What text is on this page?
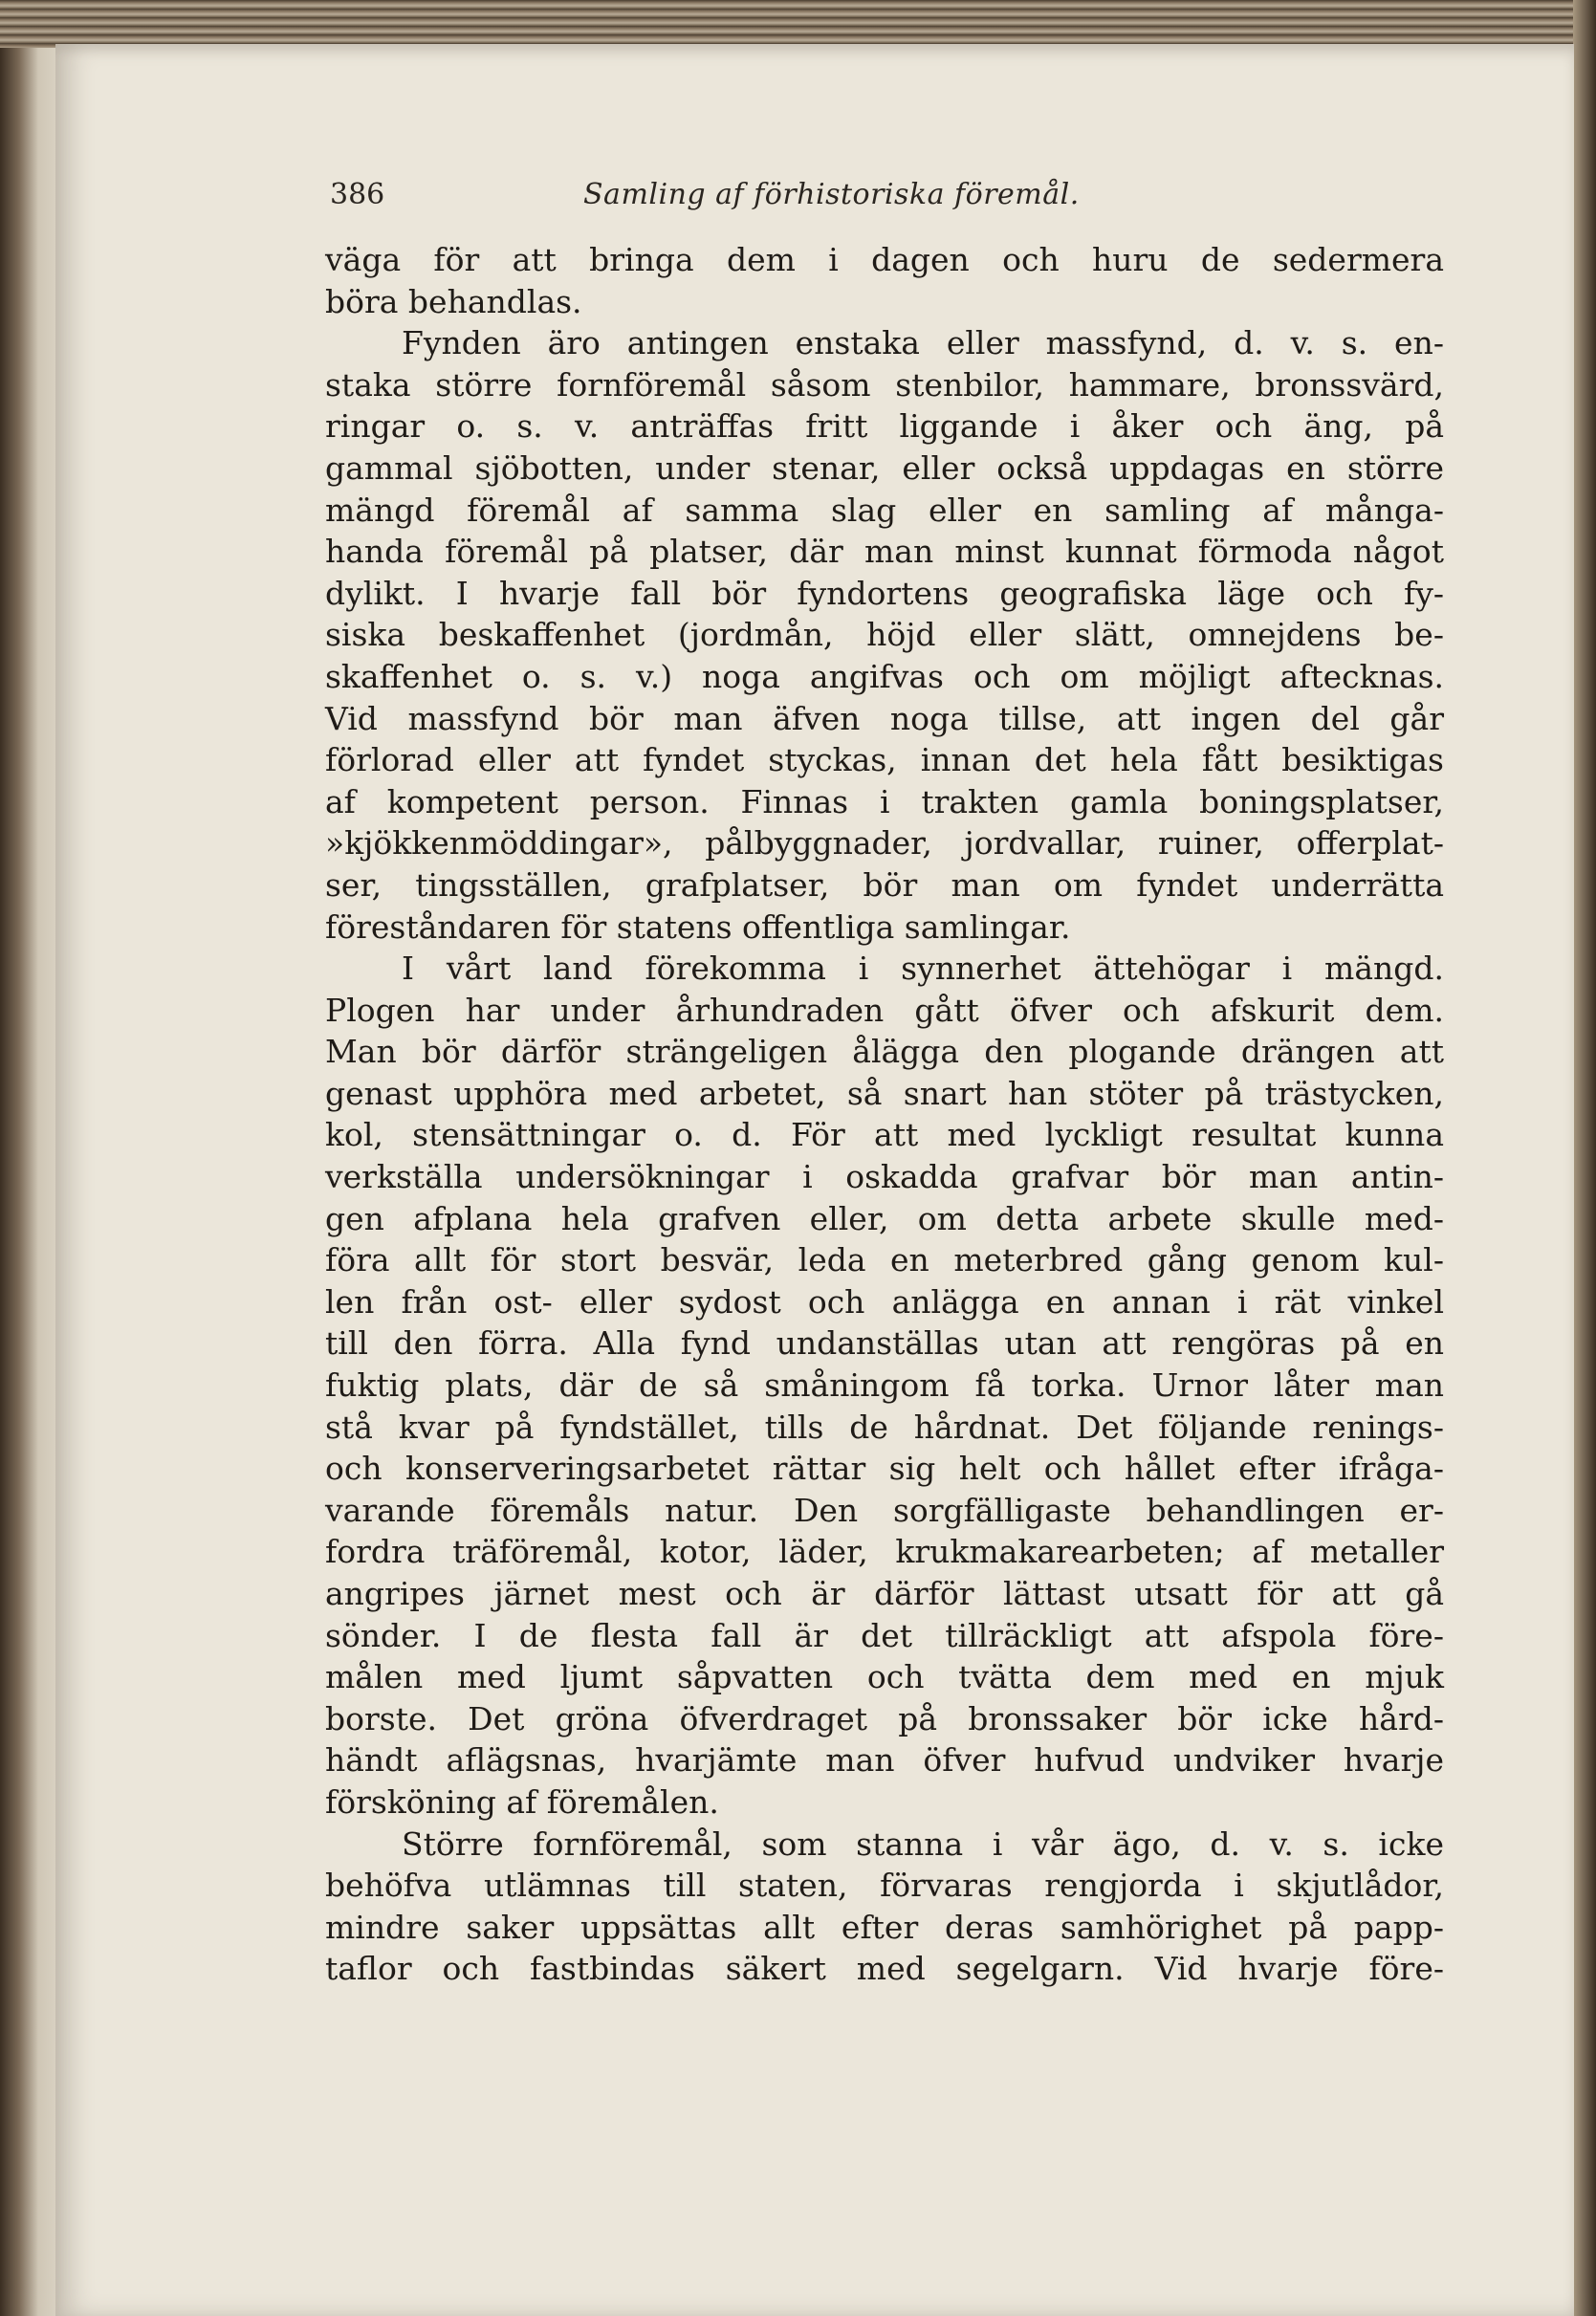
386	Samling af förhistoriska föremål.
väga för att bringa dem i dagen och huru de sedermera
böra behandlas.
Fynden äro antingen enstaka eller massfynd, d. v. s. en-
staka större fornföremål såsom stenbilor, hammare, bronssvärd,
ringar o. s. v. anträffas fritt liggande i åker och äng, på
gammal sjöbotten, under stenar, eller också uppdagas en större
mängd föremål af samma slag eller en samling af många-
handa föremål på platser, där man minst kunnat förmoda något
dylikt. I hvarje fall bör fyndortens geografiska läge och fy-
siska beskaffenhet (jordmån, höjd eller slätt, omnejdens be-
skaffenhet o. s. v.) noga angifvas och om möjligt aftecknas.
Vid massfynd bör man äfven noga tillse, att ingen del går
förlorad eller att fyndet styckas, innan det hela fått besiktigas
af kompetent person. Finnas i trakten gamla boningsplatser,
»kjökkenmöddingar», pålbyggnader, jordvallar, ruiner, offerplat-
ser, tingsställen, grafplatser, bör man om fyndet underrätta
föreståndaren för statens offentliga samlingar.
I vårt land förekomma i synnerhet ättehögar i mängd.
Plogen har under århundraden gått öfver och afskurit dem.
Man bör därför strängeligen ålägga den plogande drängen att
genast upphöra med arbetet, så snart han stöter på trästycken,
kol, stensättningar o. d. För att med lyckligt resultat kunna
verkställa undersökningar i oskadda grafvar bör man antin-
gen afplana hela grafven eller, om detta arbete skulle med-
föra allt för stort besvär, leda en meterbred gång genom kul-
len från ost- eller sydost och anlägga en annan i rät vinkel
till den förra. Alla fynd undanställas utan att rengöras på en
fuktig plats, där de så småningom få torka. Urnor låter man
stå kvar på fyndstället, tills de hårdnat. Det följande renings-
och konserveringsarbetet rättar sig helt och hållet efter ifråga-
varande föremåls natur. Den sorgfälligaste behandlingen er-
fordra träföremål, kotor, läder, krukmakarearbeten; af metaller
angripes järnet mest och är därför lättast utsatt för att gå
sönder. I de flesta fall är det tillräckligt att afspola före-
målen med ljumt såpvatten och tvätta dem med en mjuk
borste. Det gröna öfverdraget på bronssaker bör icke hård-
händt aflägsnas, hvarjämte man öfver hufvud undviker hvarje
försköning af föremålen.
Större fornföremål, som stanna i vår ägo, d. v. s. icke
behöfva utlämnas till staten, förvaras rengjorda i skjutlådor,
mindre saker uppsättas allt efter deras samhörighet på papp-
taflor och fastbindas säkert med segelgarn. Vid hvarje före-
